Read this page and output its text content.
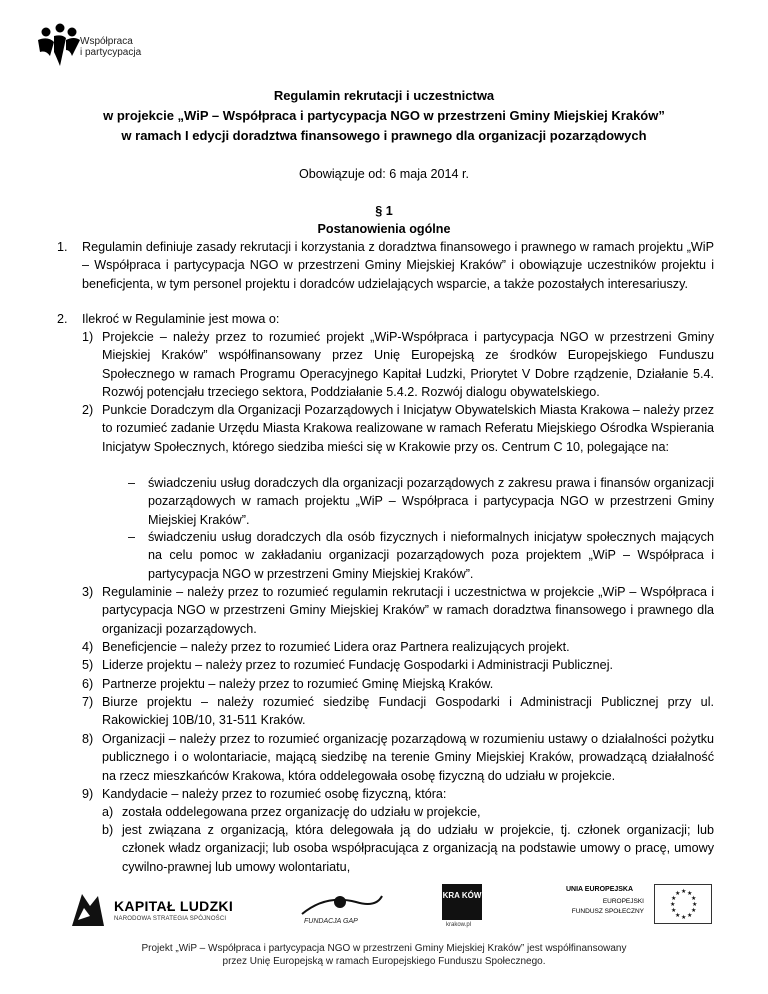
Współpraca
i partycypacja
Regulamin rekrutacji i uczestnictwa
w projekcie „WiP – Współpraca i partycypacja NGO w przestrzeni Gminy Miejskiej Kraków”
w ramach I edycji doradztwa finansowego i prawnego dla organizacji pozarządowych
Obowiązuje od: 6 maja 2014 r.
§ 1
Postanowienia ogólne
1. Regulamin definiuje zasady rekrutacji i korzystania z doradztwa finansowego i prawnego w ramach projektu „WiP – Współpraca i partycypacja NGO w przestrzeni Gminy Miejskiej Kraków” i obowiązuje uczestników projektu i beneficjenta, w tym personel projektu i doradców udzielających wsparcie, a także pozostałych interesariuszy.
2. Ilekroć w Regulaminie jest mowa o:
1) Projekcie – należy przez to rozumieć projekt „WiP-Współpraca i partycypacja NGO w przestrzeni Gminy Miejskiej Kraków” współfinansowany przez Unię Europejską ze środków Europejskiego Funduszu Społecznego w ramach Programu Operacyjnego Kapitał Ludzki, Priorytet V Dobre rządzenie, Działanie 5.4. Rozwój potencjału trzeciego sektora, Poddziałanie 5.4.2. Rozwój dialogu obywatelskiego.
2) Punkcie Doradczym dla Organizacji Pozarządowych i Inicjatyw Obywatelskich Miasta Krakowa – należy przez to rozumieć zadanie Urzędu Miasta Krakowa realizowane w ramach Referatu Miejskiego Ośrodka Wspierania Inicjatyw Społecznych, którego siedziba mieści się w Krakowie przy os. Centrum C 10, polegające na:
– świadczeniu usług doradczych dla organizacji pozarządowych z zakresu prawa i finansów organizacji pozarządowych w ramach projektu „WiP – Współpraca i partycypacja NGO w przestrzeni Gminy Miejskiej Kraków”.
– świadczeniu usług doradczych dla osób fizycznych i nieformalnych inicjatyw społecznych mających na celu pomoc w zakładaniu organizacji pozarządowych poza projektem „WiP – Współpraca i partycypacja NGO w przestrzeni Gminy Miejskiej Kraków”.
3) Regulaminie – należy przez to rozumieć regulamin rekrutacji i uczestnictwa w projekcie „WiP – Współpraca i partycypacja NGO w przestrzeni Gminy Miejskiej Kraków” w ramach doradztwa finansowego i prawnego dla organizacji pozarządowych.
4) Beneficjencie – należy przez to rozumieć Lidera oraz Partnera realizujących projekt.
5) Liderze projektu – należy przez to rozumieć Fundację Gospodarki i Administracji Publicznej.
6) Partnerze projektu – należy przez to rozumieć Gminę Miejską Kraków.
7) Biurze projektu – należy rozumieć siedzibę Fundacji Gospodarki i Administracji Publicznej przy ul. Rakowickiej 10B/10, 31-511 Kraków.
8) Organizacji – należy przez to rozumieć organizację pozarządową w rozumieniu ustawy o działalności pożytku publicznego i o wolontariacie, mającą siedzibę na terenie Gminy Miejskiej Kraków, prowadzącą działalność na rzecz mieszkańców Krakowa, która oddelegowała osobę fizyczną do udziału w projekcie.
9) Kandydacie – należy przez to rozumieć osobę fizyczną, która:
a) została oddelegowana przez organizację do udziału w projekcie,
b) jest związana z organizacją, która delegowała ją do udziału w projekcie, tj. członek organizacji; lub członek władz organizacji; lub osoba współpracująca z organizacją na podstawie umowy o pracę, umowy cywilno-prawnej lub umowy wolontariatu,
KAPITAŁ LUDZKI
NARODOWA STRATEGIA SPÓJNOŚCI	FUNDACJA GAP
KRA KÓW
krakow.pl
UNIA EUROPEJSKA
EUROPEJSKI
FUNDUSZ SPOŁECZNY
★ ★
★
★
★
★
★
★
★
★
★
★
Projekt „WiP – Współpraca i partycypacja NGO w przestrzeni Gminy Miejskiej Kraków” jest współfinansowany
przez Unię Europejską w ramach Europejskiego Funduszu Społecznego.
